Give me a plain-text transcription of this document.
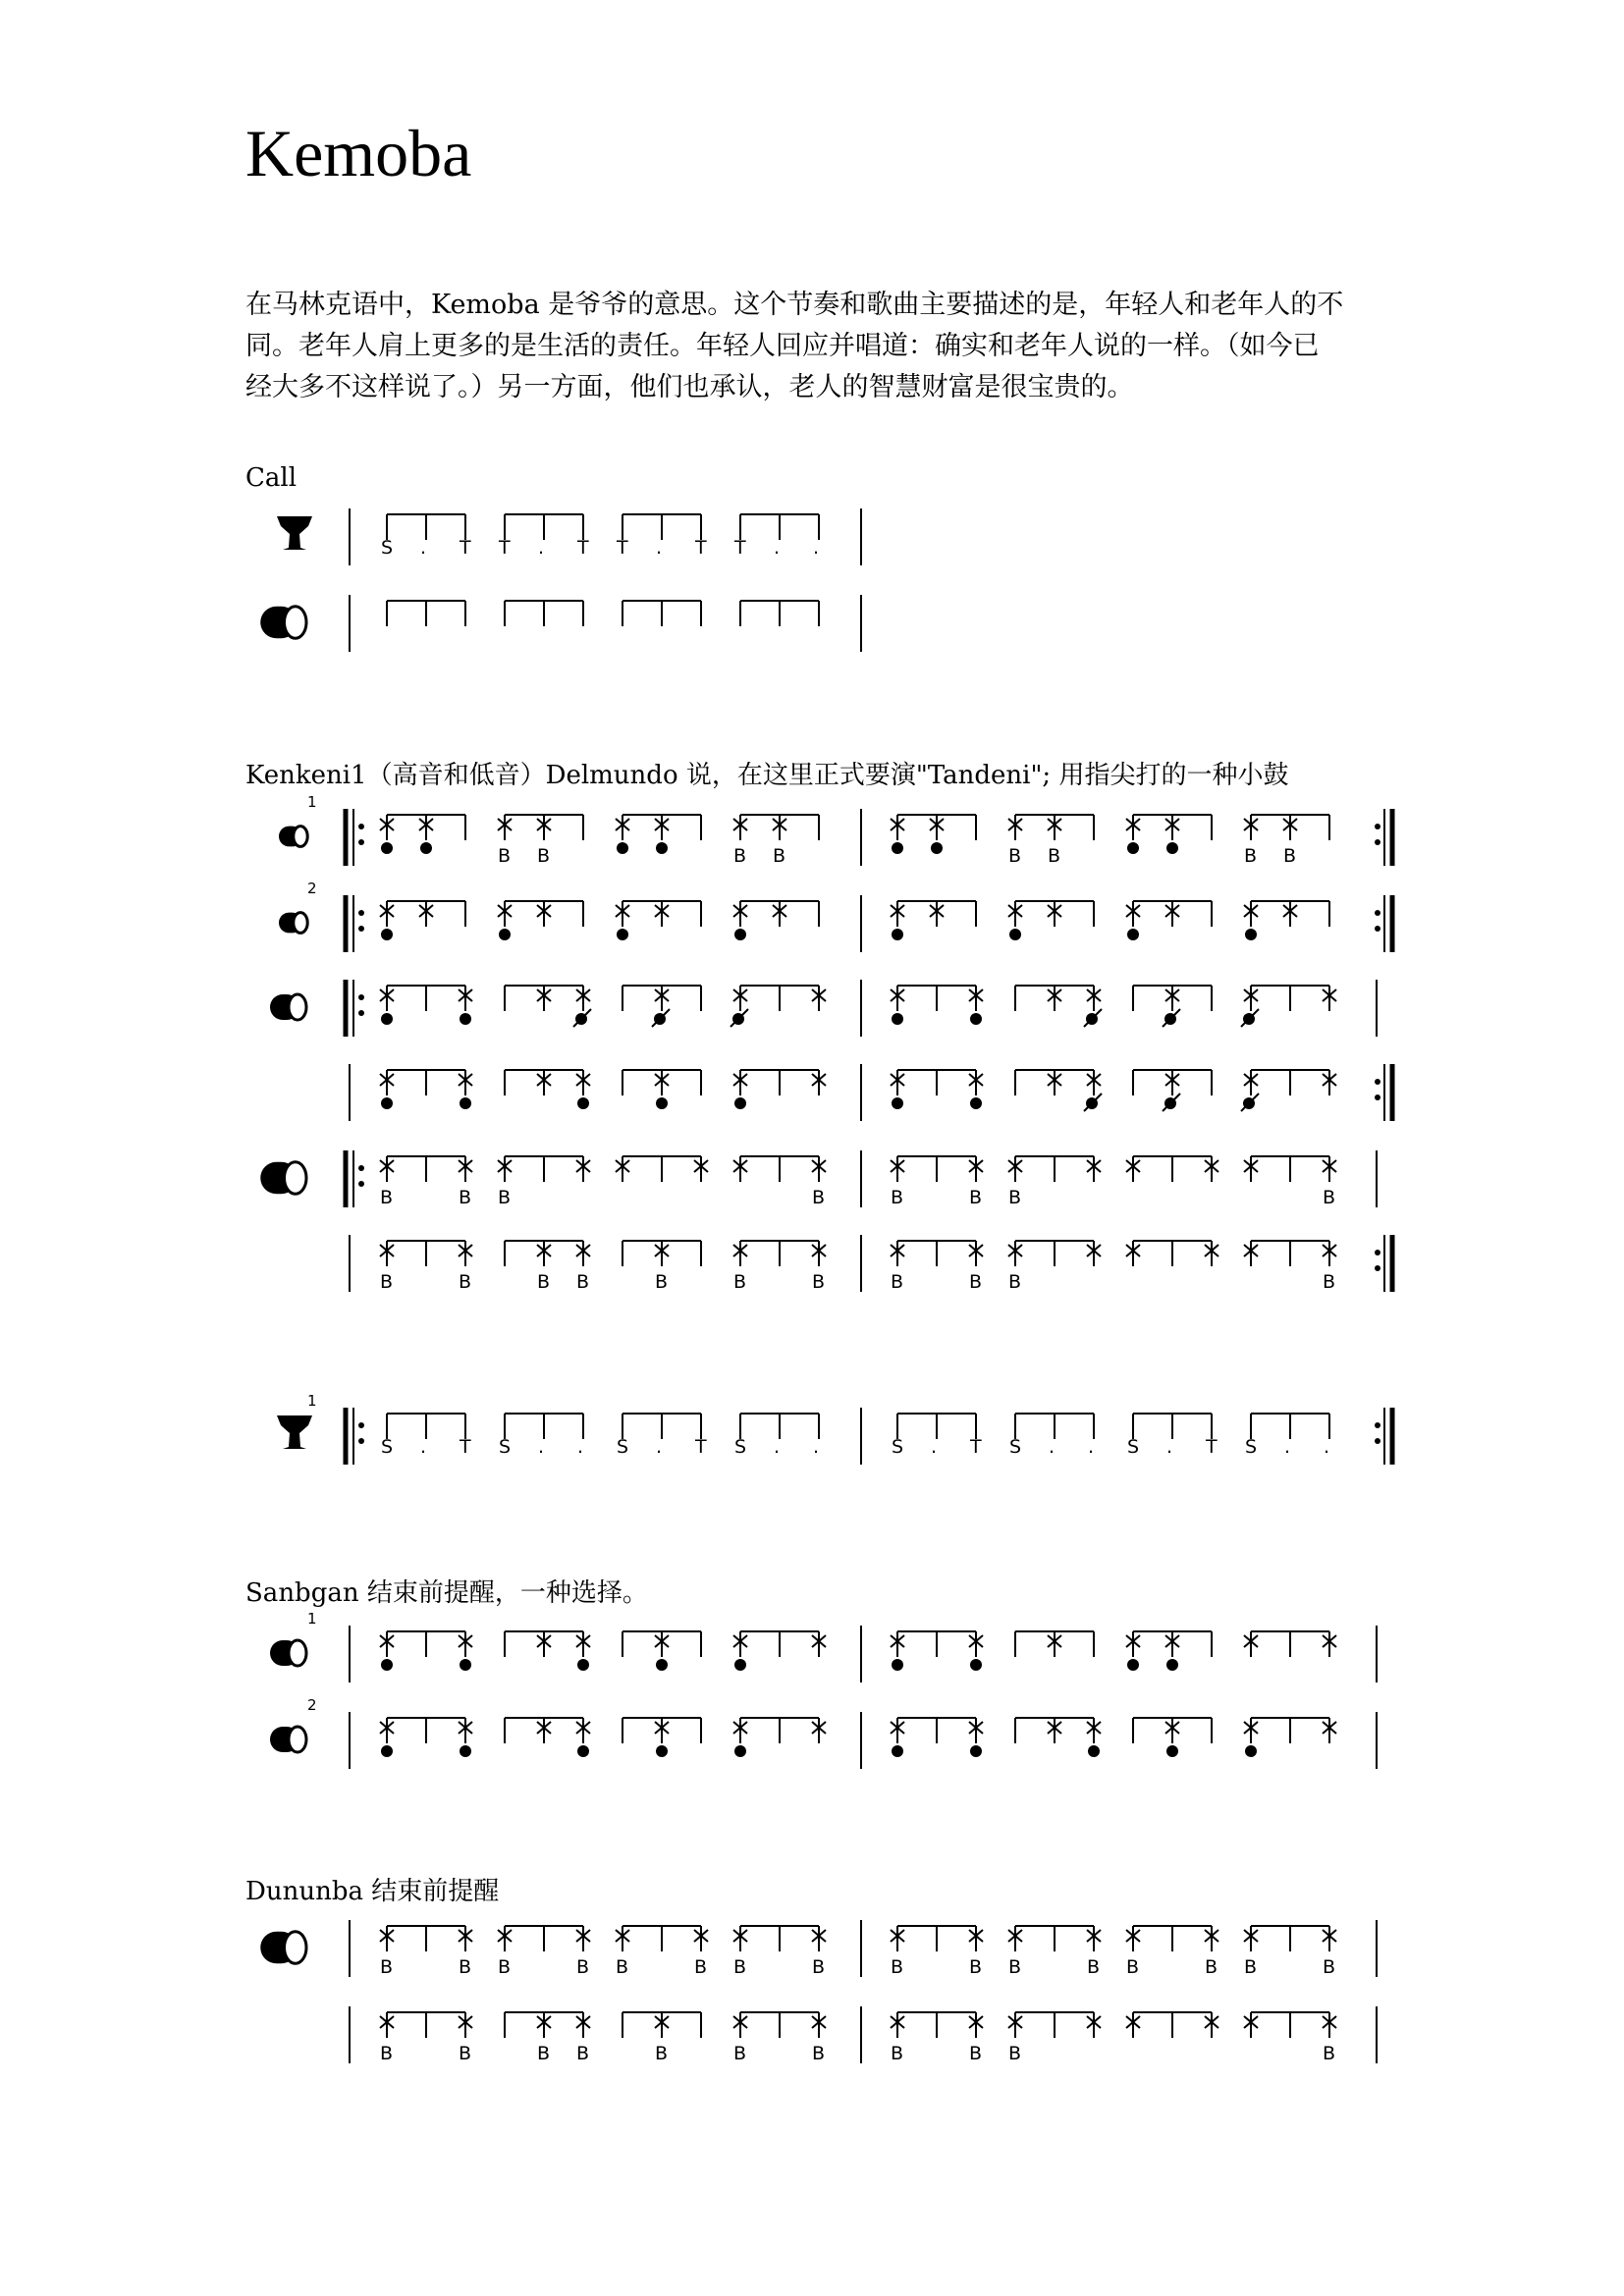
Kemoba
在马林克语中，Kemoba 是爷爷的意思。这个节奏和歌曲主要描述的是，年轻人和老年人的不
同。老年人肩上更多的是生活的责任。年轻人回应并唱道：确实和老年人说的一样。（如今已
经大多不这样说了。）另一方面，他们也承认，老人的智慧财富是很宝贵的。
Call
Kenkeni1（高音和低音）Delmundo 说，在这里正式要演"Tandeni"; 用指尖打的一种小鼓
Sanbgan 结束前提醒，一种选择。
Dununba 结束前提醒
S . T T . T T . T T . .
1
B B	B B	B B	B B
2
B	B B	B	B	B B	B
B	B	B B	B	B	B	B	B B	B
1
S . T S . . S . T S . .	S . T S . . S . T S . .
1
2
B	B B	B B	B B	B	B	B B	B B	B B	B
B	B	B B	B	B	B	B	B B	B
